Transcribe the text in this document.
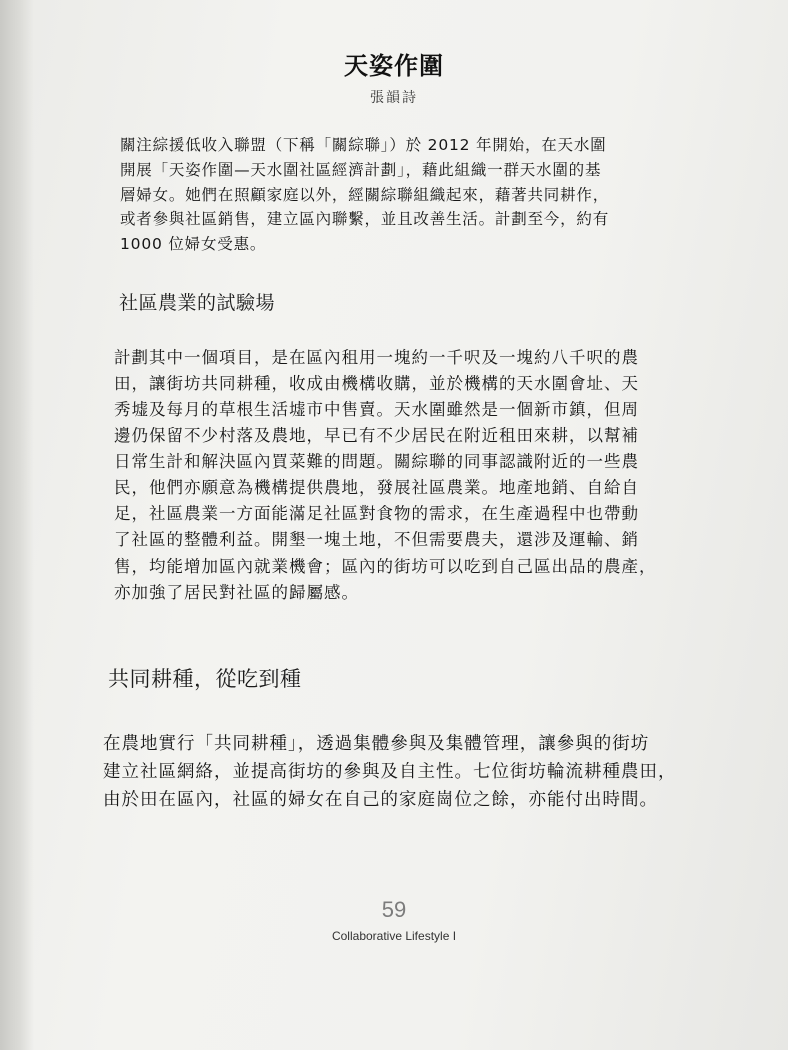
天姿作圍
張韻詩

關注綜援低收入聯盟（下稱「關綜聯」）於 2012 年開始，在天水圍
開展「天姿作圍—天水圍社區經濟計劃」，藉此組織一群天水圍的基
層婦女。她們在照顧家庭以外，經關綜聯組織起來，藉著共同耕作，
或者參與社區銷售，建立區內聯繫，並且改善生活。計劃至今，約有
1000 位婦女受惠。

社區農業的試驗場

計劃其中一個項目，是在區內租用一塊約一千呎及一塊約八千呎的農
田，讓街坊共同耕種，收成由機構收購，並於機構的天水圍會址、天
秀墟及每月的草根生活墟市中售賣。天水圍雖然是一個新市鎮，但周
邊仍保留不少村落及農地，早已有不少居民在附近租田來耕，以幫補
日常生計和解決區內買菜難的問題。關綜聯的同事認識附近的一些農
民，他們亦願意為機構提供農地，發展社區農業。地產地銷、自給自
足，社區農業一方面能滿足社區對食物的需求，在生產過程中也帶動
了社區的整體利益。開墾一塊土地，不但需要農夫，還涉及運輸、銷
售，均能增加區內就業機會；區內的街坊可以吃到自己區出品的農產，
亦加強了居民對社區的歸屬感。

共同耕種，從吃到種

在農地實行「共同耕種」，透過集體參與及集體管理，讓參與的街坊
建立社區網絡，並提高街坊的參與及自主性。七位街坊輪流耕種農田，
由於田在區內，社區的婦女在自己的家庭崗位之餘，亦能付出時間。

59
Collaborative Lifestyle I
